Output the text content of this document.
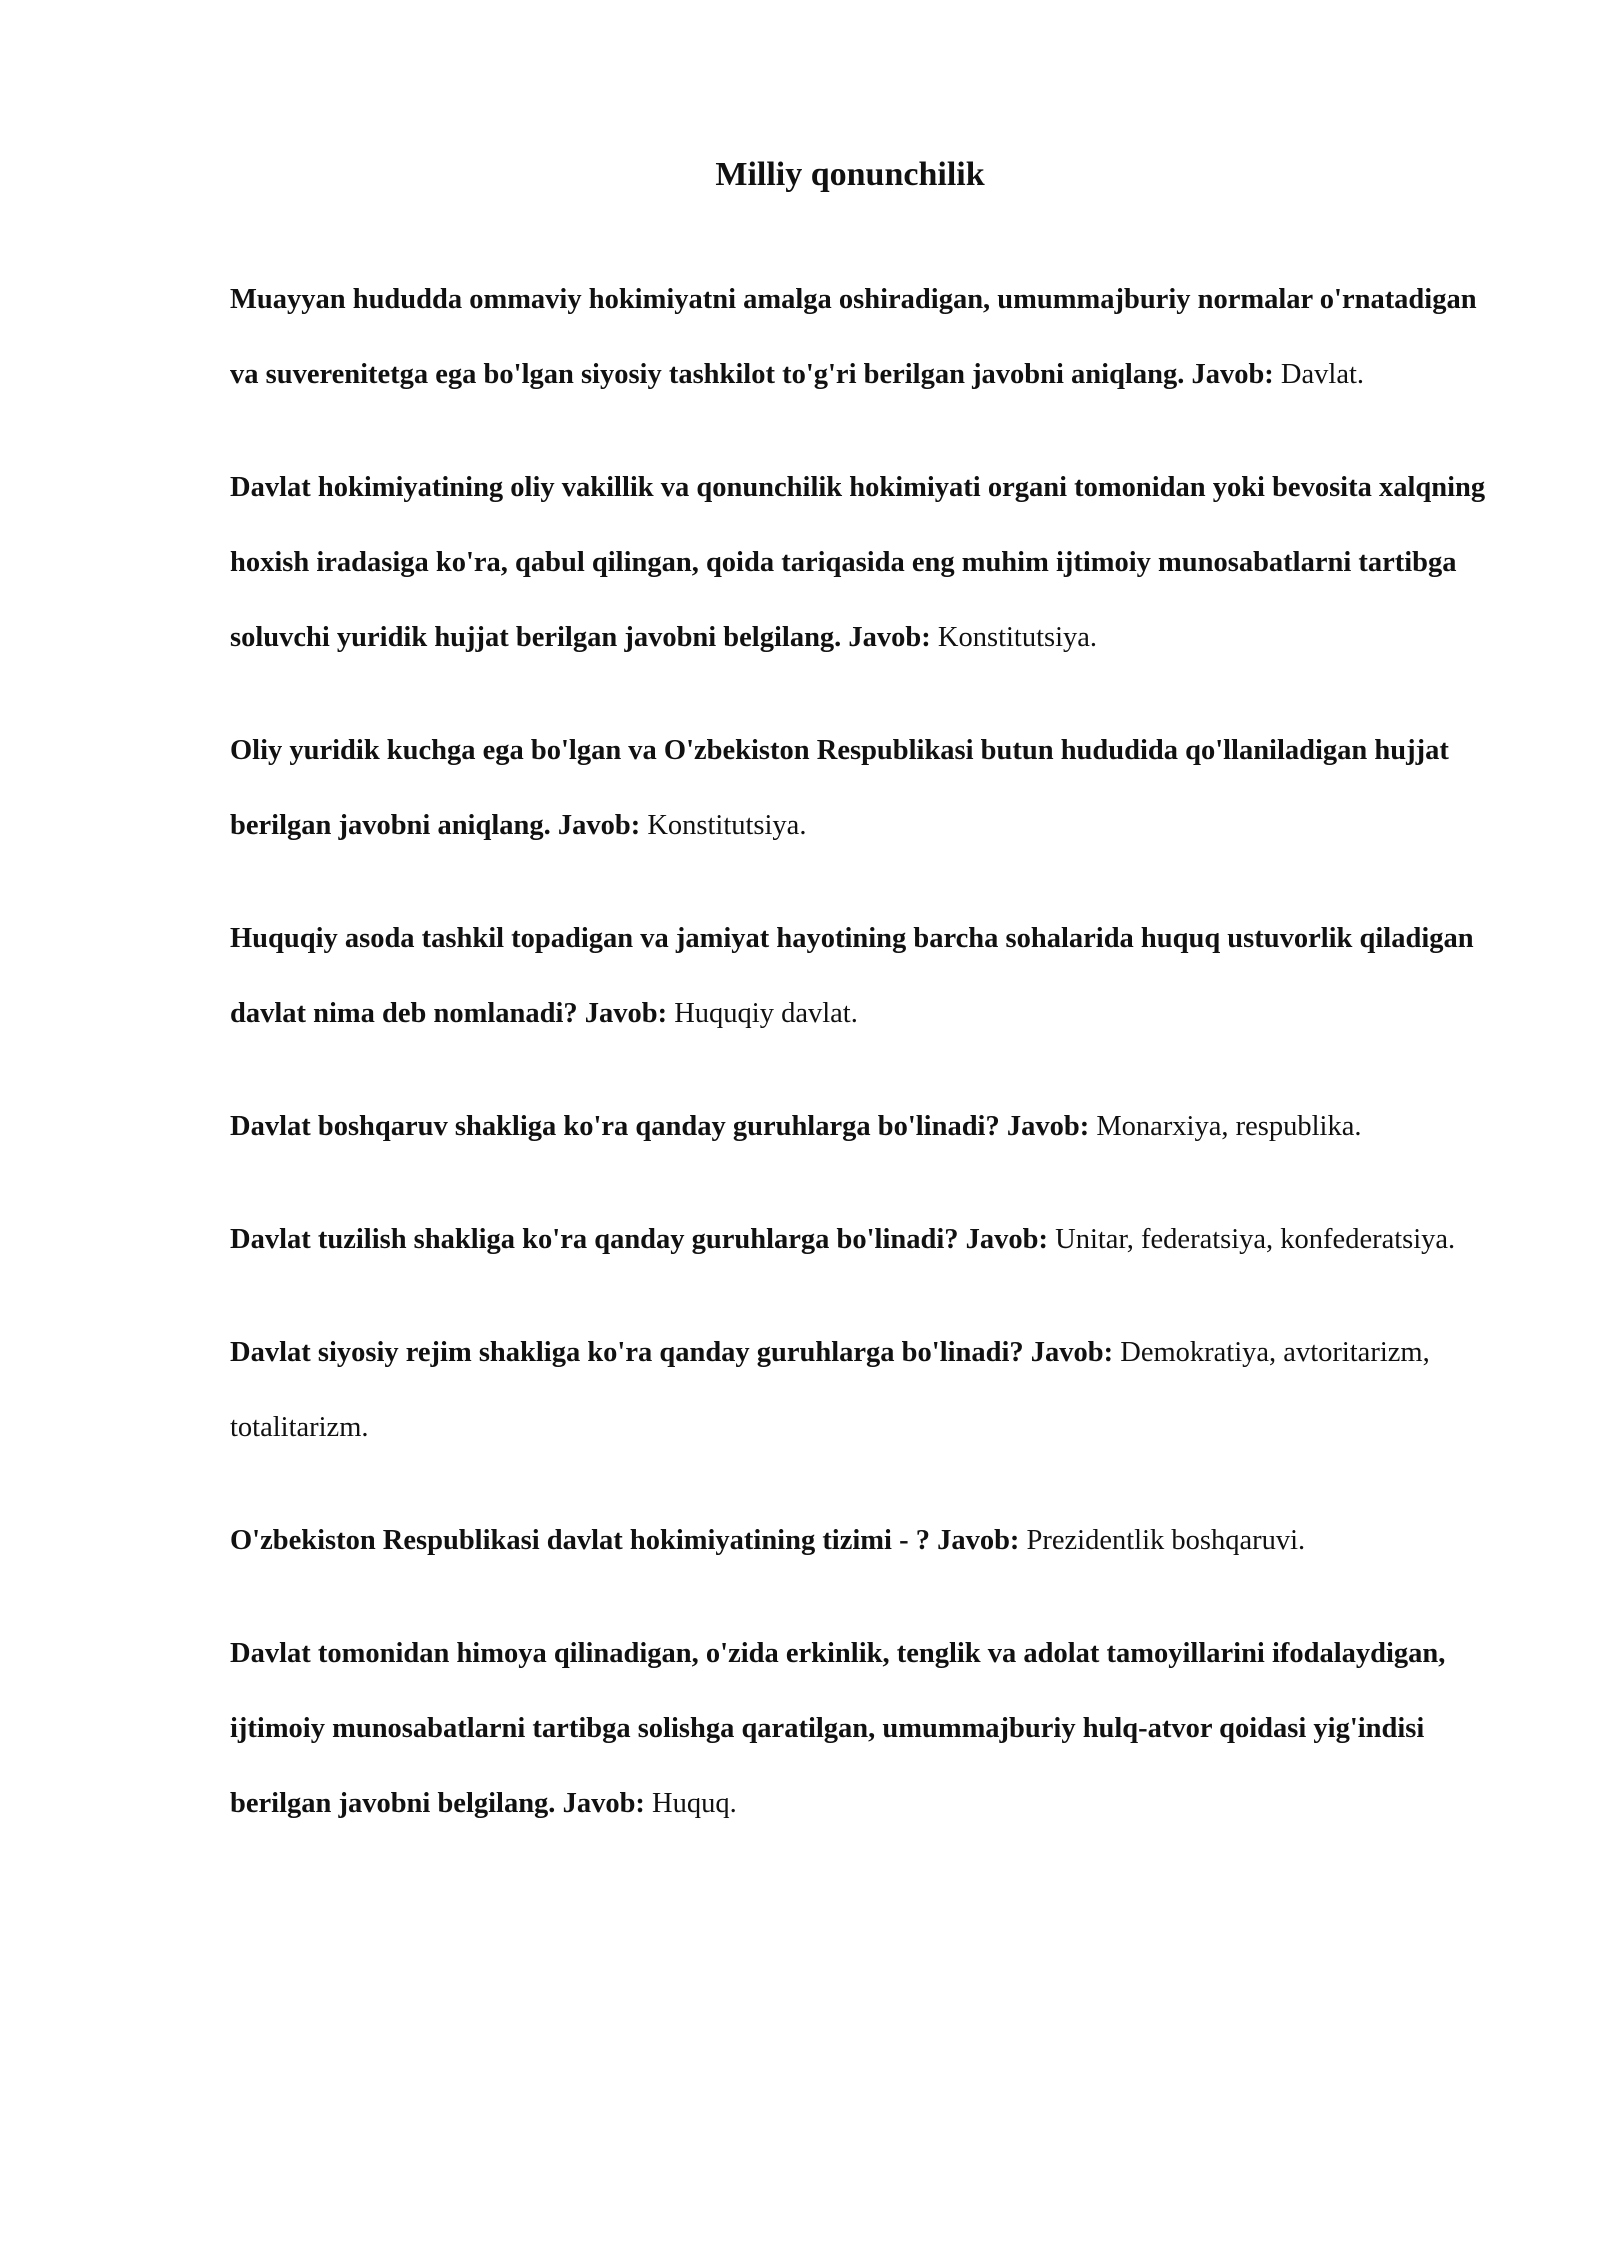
Milliy qonunchilik

Muayyan hududda ommaviy hokimiyatni amalga oshiradigan, umummajburiy normalar o'rnatadigan va suverenitetga ega bo'lgan siyosiy tashkilot to'g'ri berilgan javobni aniqlang. Javob: Davlat.

Davlat hokimiyatining oliy vakillik va qonunchilik hokimiyati organi tomonidan yoki bevosita xalqning hoxish iradasiga ko'ra, qabul qilingan, qoida tariqasida eng muhim ijtimoiy munosabatlarni tartibga soluvchi yuridik hujjat berilgan javobni belgilang. Javob: Konstitutsiya.

Oliy yuridik kuchga ega bo'lgan va O'zbekiston Respublikasi butun hududida qo'llaniladigan hujjat berilgan javobni aniqlang. Javob: Konstitutsiya.

Huquqiy asoda tashkil topadigan va jamiyat hayotining barcha sohalarida huquq ustuvorlik qiladigan davlat nima deb nomlanadi? Javob: Huquqiy davlat.

Davlat boshqaruv shakliga ko'ra qanday guruhlarga bo'linadi? Javob: Monarxiya, respublika.

Davlat tuzilish shakliga ko'ra qanday guruhlarga bo'linadi? Javob: Unitar, federatsiya, konfederatsiya.

Davlat siyosiy rejim shakliga ko'ra qanday guruhlarga bo'linadi? Javob: Demokratiya, avtoritarizm, totalitarizm.

O'zbekiston Respublikasi davlat hokimiyatining tizimi - ? Javob: Prezidentlik boshqaruvi.

Davlat tomonidan himoya qilinadigan, o'zida erkinlik, tenglik va adolat tamoyillarini ifodalaydigan, ijtimoiy munosabatlarni tartibga solishga qaratilgan, umummajburiy hulq-atvor qoidasi yig'indisi berilgan javobni belgilang. Javob: Huquq.
